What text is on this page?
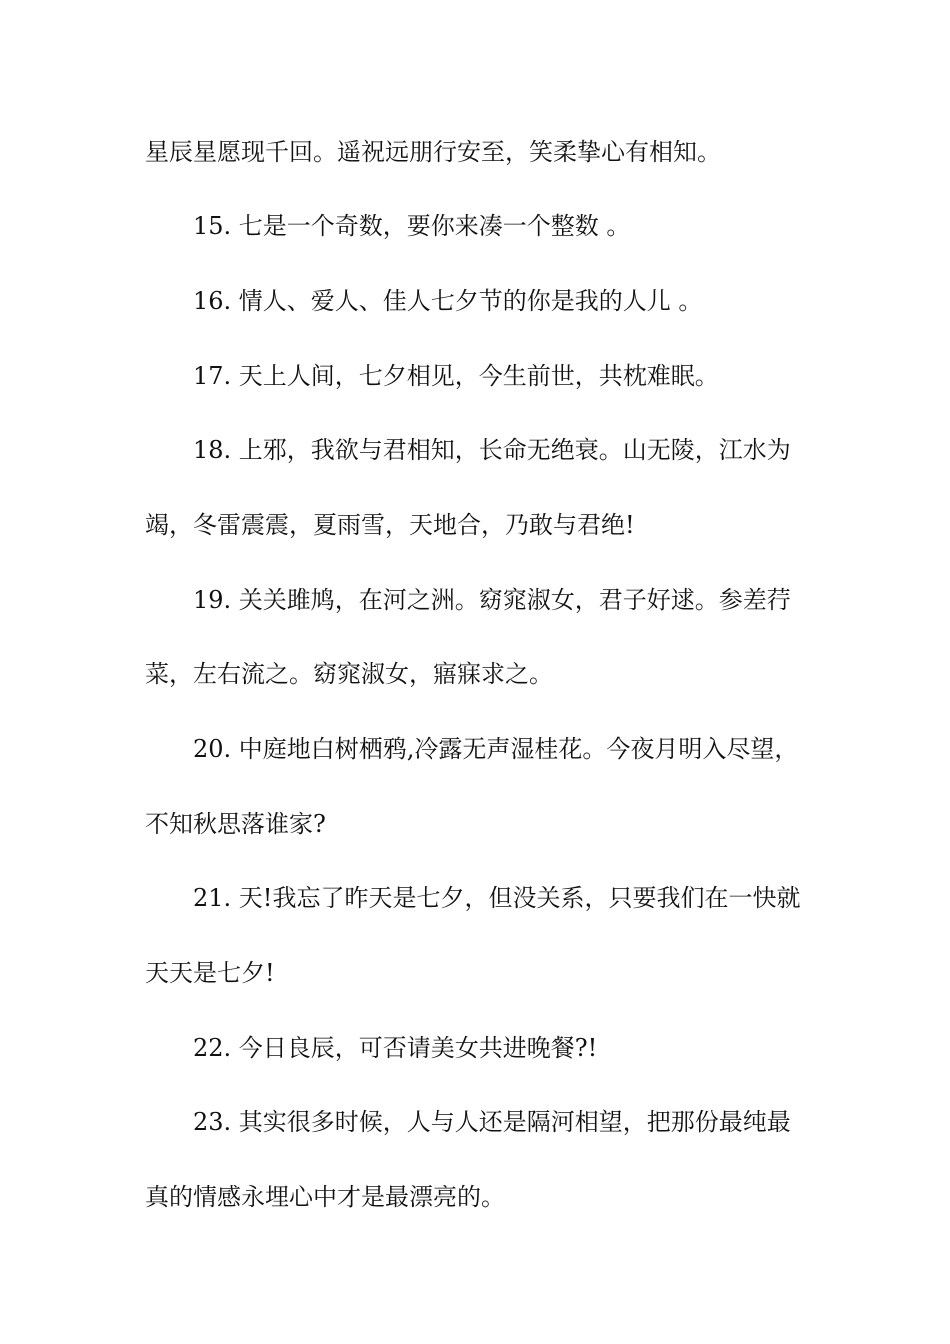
星辰星愿现千回。遥祝远朋行安至，笑柔挚心有相知。
15. 七是一个奇数，要你来凑一个整数 。
16. 情人、爱人、佳人七夕节的你是我的人儿 。
17. 天上人间，七夕相见，今生前世，共枕难眠。
18. 上邪，我欲与君相知，长命无绝衰。山无陵，江水为
竭，冬雷震震，夏雨雪，天地合，乃敢与君绝!
19. 关关雎鸠，在河之洲。窈窕淑女，君子好逑。参差荇
菜，左右流之。窈窕淑女，寤寐求之。
20. 中庭地白树栖鸦,冷露无声湿桂花。今夜月明入尽望，
不知秋思落谁家?
21. 天!我忘了昨天是七夕，但没关系，只要我们在一快就
天天是七夕!
22. 今日良辰，可否请美女共进晚餐?!
23. 其实很多时候，人与人还是隔河相望，把那份最纯最
真的情感永埋心中才是最漂亮的。
